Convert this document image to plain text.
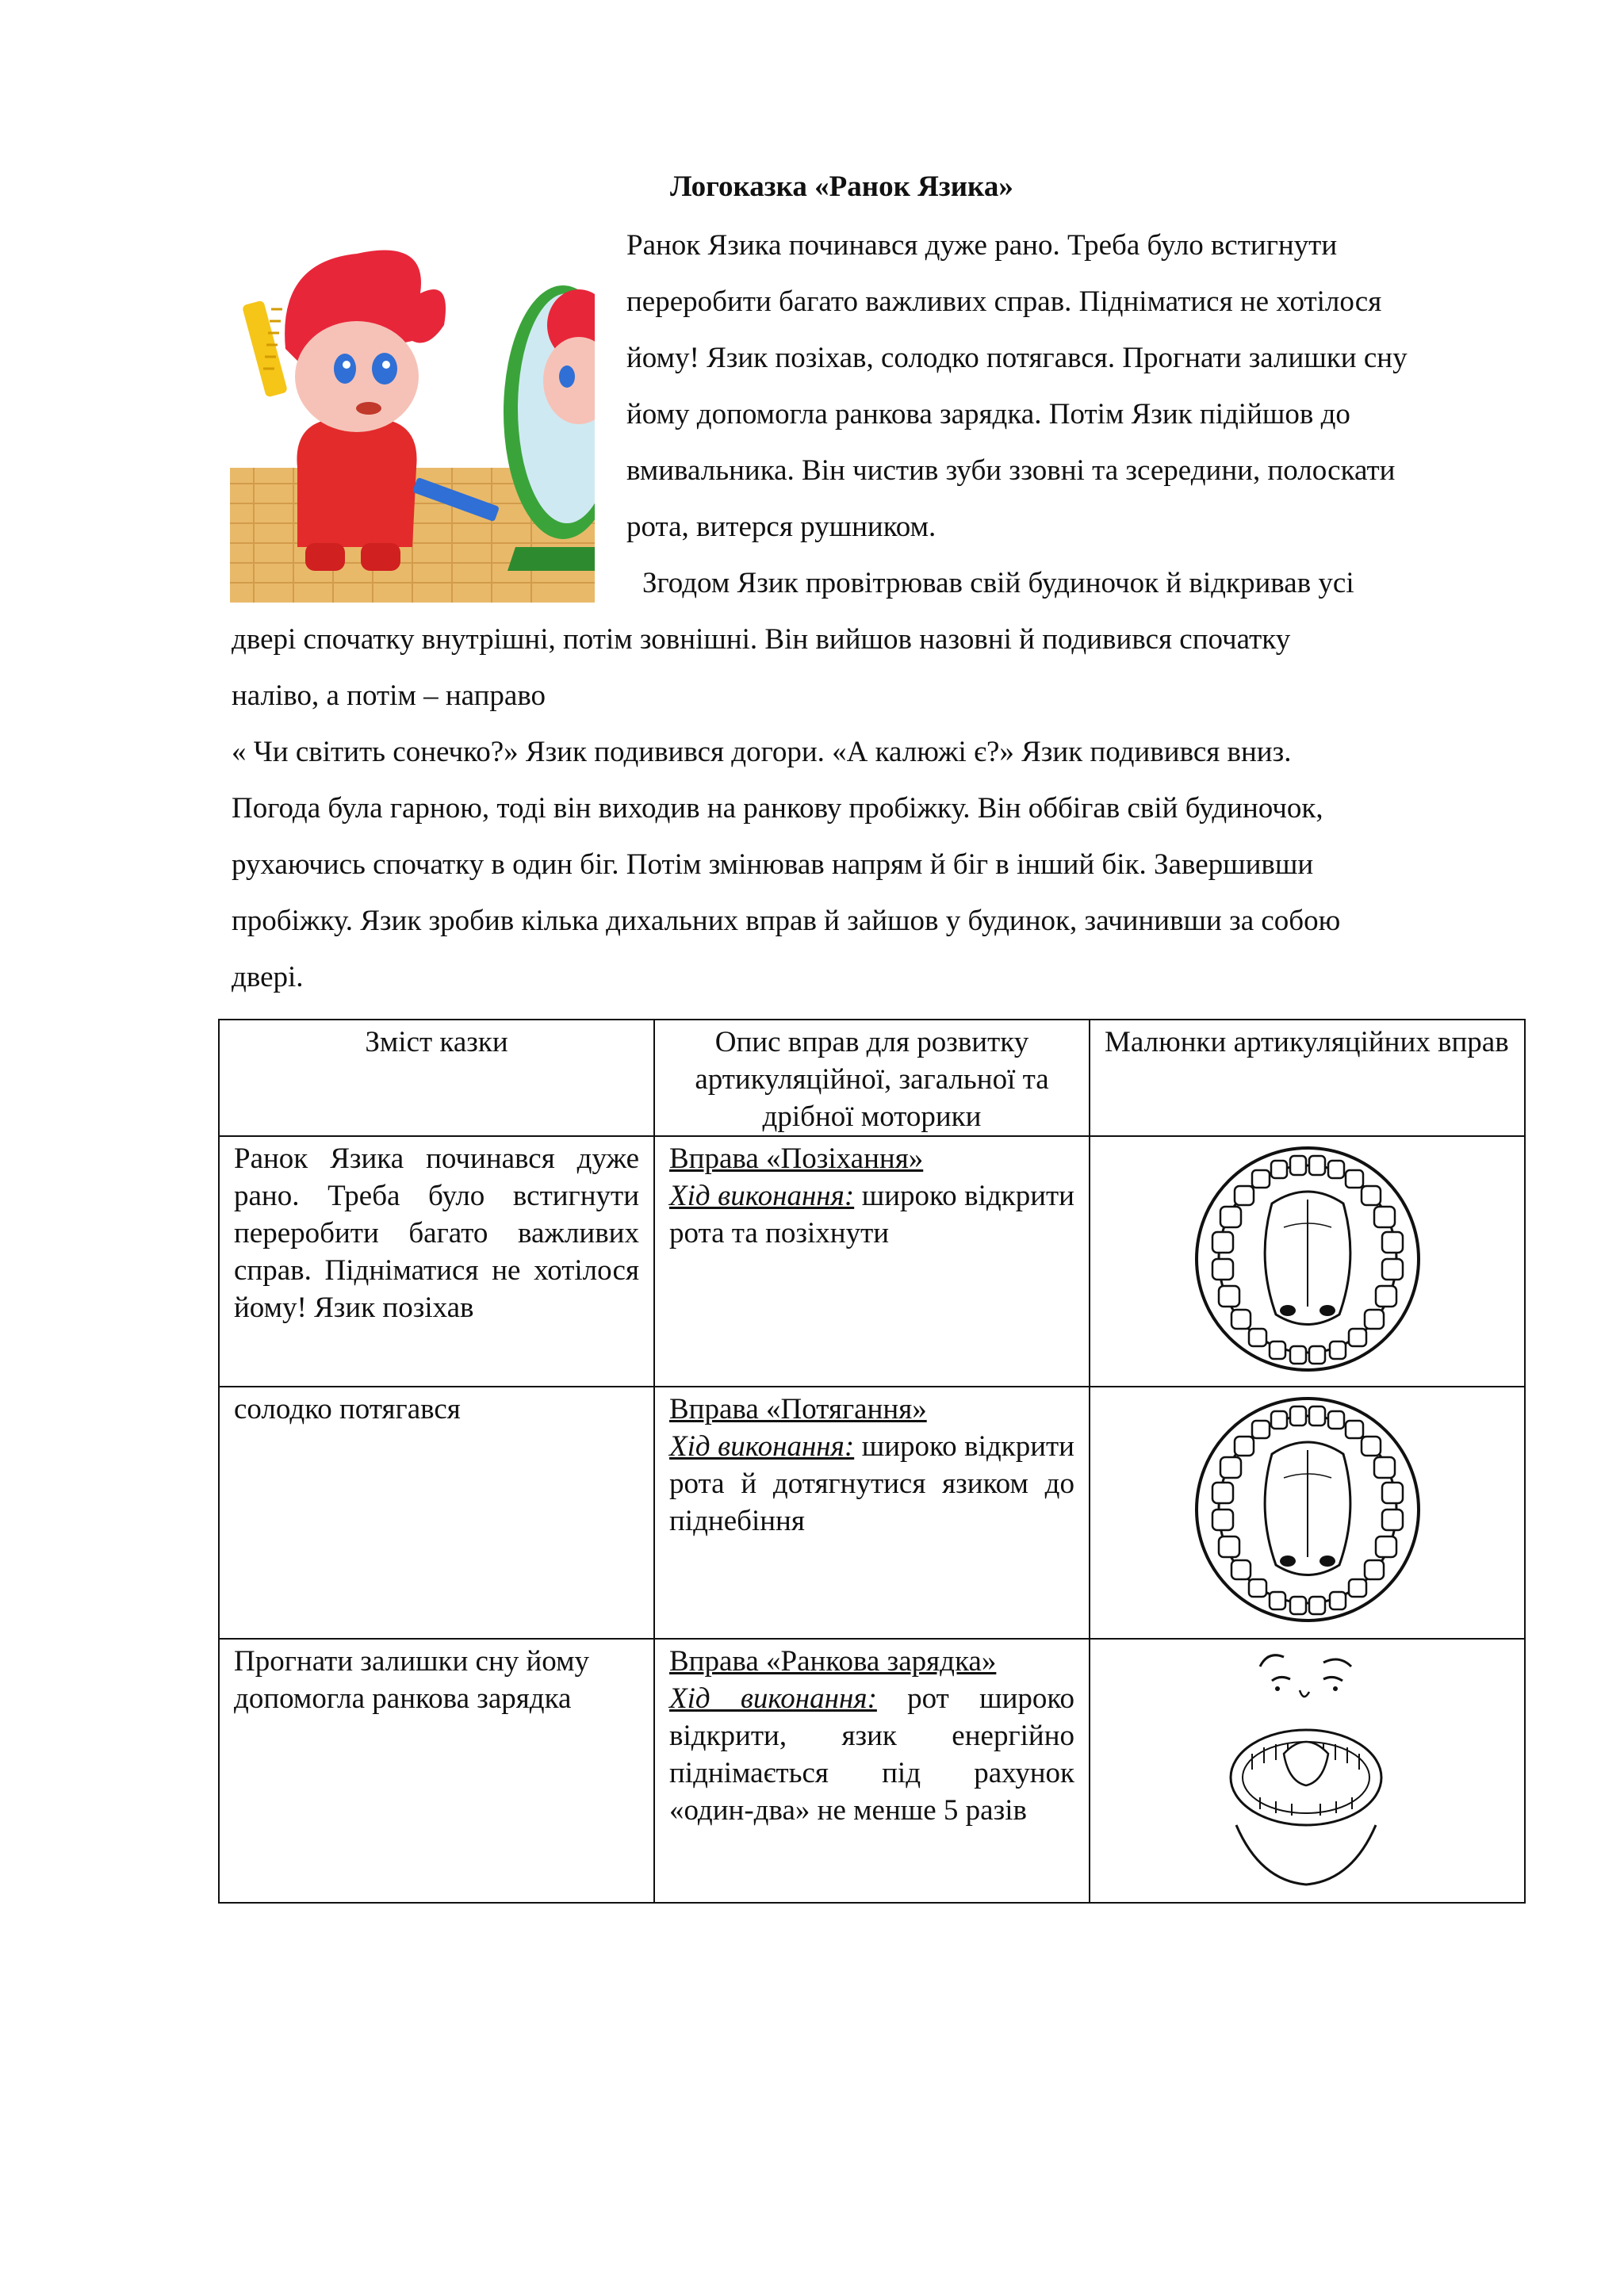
Логоказка «Ранок Язика»
Ранок Язика починався дуже рано. Треба було встигнути
переробити багато важливих справ. Підніматися не хотілося
йому! Язик позіхав, солодко потягався. Прогнати залишки сну
йому допомогла ранкова зарядка. Потім Язик підійшов до
вмивальника. Він чистив зуби ззовні та зсередини, полоскати
рота, витерся рушником.
Згодом Язик провітрював свій будиночок й відкривав усі
двері спочатку внутрішні, потім зовнішні. Він вийшов назовні й подивився спочатку
наліво, а потім – направо
« Чи світить сонечко?» Язик подивився догори. «А калюжі є?» Язик подивився вниз.
Погода була гарною, тоді він виходив на ранкову пробіжку. Він оббігав свій будиночок,
рухаючись спочатку в один біг. Потім змінював напрям й біг в інший бік. Завершивши
пробіжку. Язик зробив кілька дихальних вправ й зайшов у будинок, зачинивши за собою
двері.
Зміст казки	Опис вправ для розвитку артикуляційної, загальної та дрібної моторики	Малюнки артикуляційних вправ
Ранок Язика починався дуже рано. Треба було встигнути переробити багато важливих справ. Підніматися не хотілося йому! Язик позіхав	Вправа «Позіхання»
Хід виконання: широко відкрити рота та позіхнути

солодко потягався	Вправа «Потягання»
Хід виконання: широко відкрити рота й дотягнутися язиком до піднебіння

Прогнати залишки сну йому допомогла ранкова зарядка	Вправа «Ранкова зарядка»
Хід виконання: рот широко відкрити, язик енергійно піднімається під рахунок «один-два» не менше 5 разів
